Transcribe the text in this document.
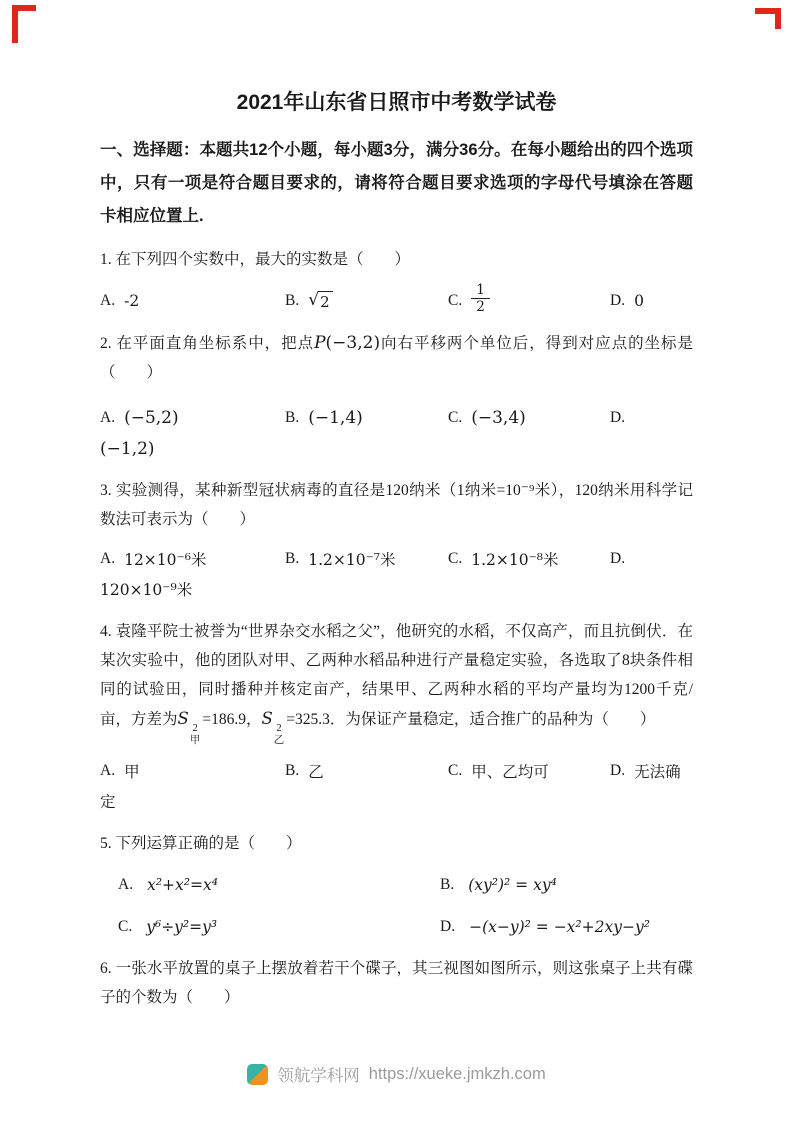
2021年山东省日照市中考数学试卷

一、选择题：本题共12个小题，每小题3分，满分36分。在每小题给出的四个选项中，只有一项是符合题目要求的，请将符合题目要求选项的字母代号填涂在答题卡相应位置上.

1. 在下列四个实数中，最大的实数是（　　）

A. -2	B. √ 2	C. $\frac{1}{2}$	D. 0

2. 在平面直角坐标系中，把点P(−3,2)向右平移两个单位后，得到对应点的坐标是（　　）

A. (−5,2)	B. (−1,4)	C. (−3,4)	D.

(−1,2)

3. 实验测得，某种新型冠状病毒的直径是120纳米（1纳米=10⁻⁹米），120纳米用科学记数法可表示为（　　）

A. 12×10⁻⁶米	B. 1.2×10⁻⁷米	C. 1.2×10⁻⁸米	D.

120×10⁻⁹米

4. 袁隆平院士被誉为“世界杂交水稻之父”，他研究的水稻，不仅高产，而且抗倒伏．在某次实验中，他的团队对甲、乙两种水稻品种进行产量稳定实验，各选取了8块条件相同的试验田，同时播种并核定亩产，结果甲、乙两种水稻的平均产量均为1200千克/亩，方差为S
2
甲
=186.9，S
2
乙
=325.3．为保证产量稳定，适合推广的品种为（　　）

A. 甲	B. 乙	C. 甲、乙均可	D. 无法确

定

5. 下列运算正确的是（　　）

A. x²+x²=x⁴	B. (xy²)² = xy⁴
C. y⁶÷y²=y³	D. −(x−y)² = −x²+2xy−y²

6. 一张水平放置的桌子上摆放着若干个碟子，其三视图如图所示，则这张桌子上共有碟子的个数为（　　）

领航学科网 https://xueke.jmkzh.com
